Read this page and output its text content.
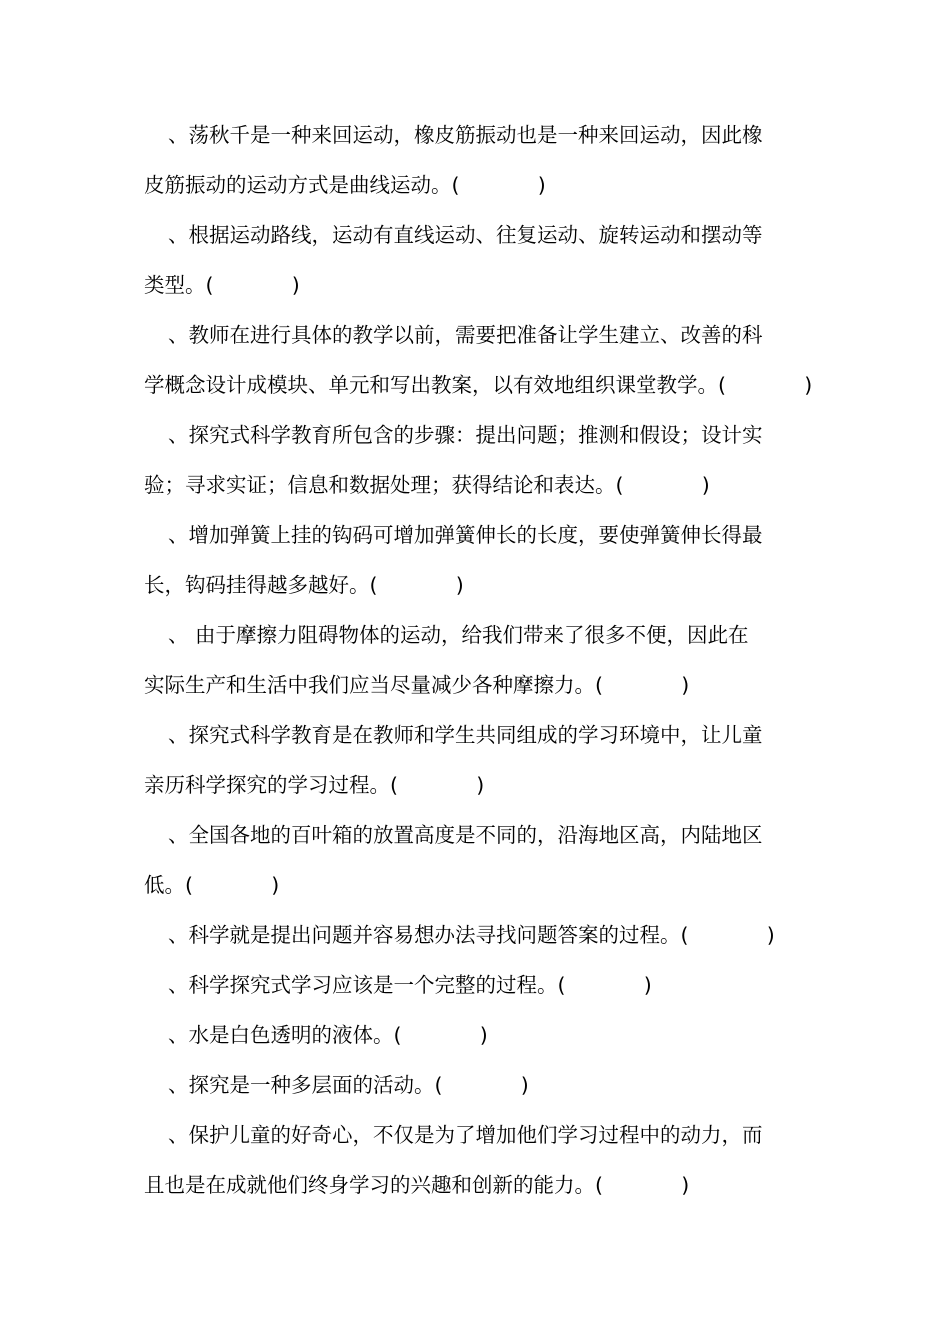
、荡秋千是一种来回运动，橡皮筋振动也是一种来回运动，因此橡
皮筋振动的运动方式是曲线运动。(            )
、根据运动路线，运动有直线运动、往复运动、旋转运动和摆动等
类型。(            )
、教师在进行具体的教学以前，需要把准备让学生建立、改善的科
学概念设计成模块、单元和写出教案，以有效地组织课堂教学。(            )
、探究式科学教育所包含的步骤：提出问题；推测和假设；设计实
验；寻求实证；信息和数据处理；获得结论和表达。(            )
、增加弹簧上挂的钩码可增加弹簧伸长的长度，要使弹簧伸长得最
长，钩码挂得越多越好。(            )
、 由于摩擦力阻碍物体的运动，给我们带来了很多不便，因此在
实际生产和生活中我们应当尽量减少各种摩擦力。(            )
、探究式科学教育是在教师和学生共同组成的学习环境中，让儿童
亲历科学探究的学习过程。(            )
、全国各地的百叶箱的放置高度是不同的，沿海地区高，内陆地区
低。(            )
、科学就是提出问题并容易想办法寻找问题答案的过程。(            )
、科学探究式学习应该是一个完整的过程。(            )
、水是白色透明的液体。(            )
、探究是一种多层面的活动。(            )
、保护儿童的好奇心，不仅是为了增加他们学习过程中的动力，而
且也是在成就他们终身学习的兴趣和创新的能力。(            )
